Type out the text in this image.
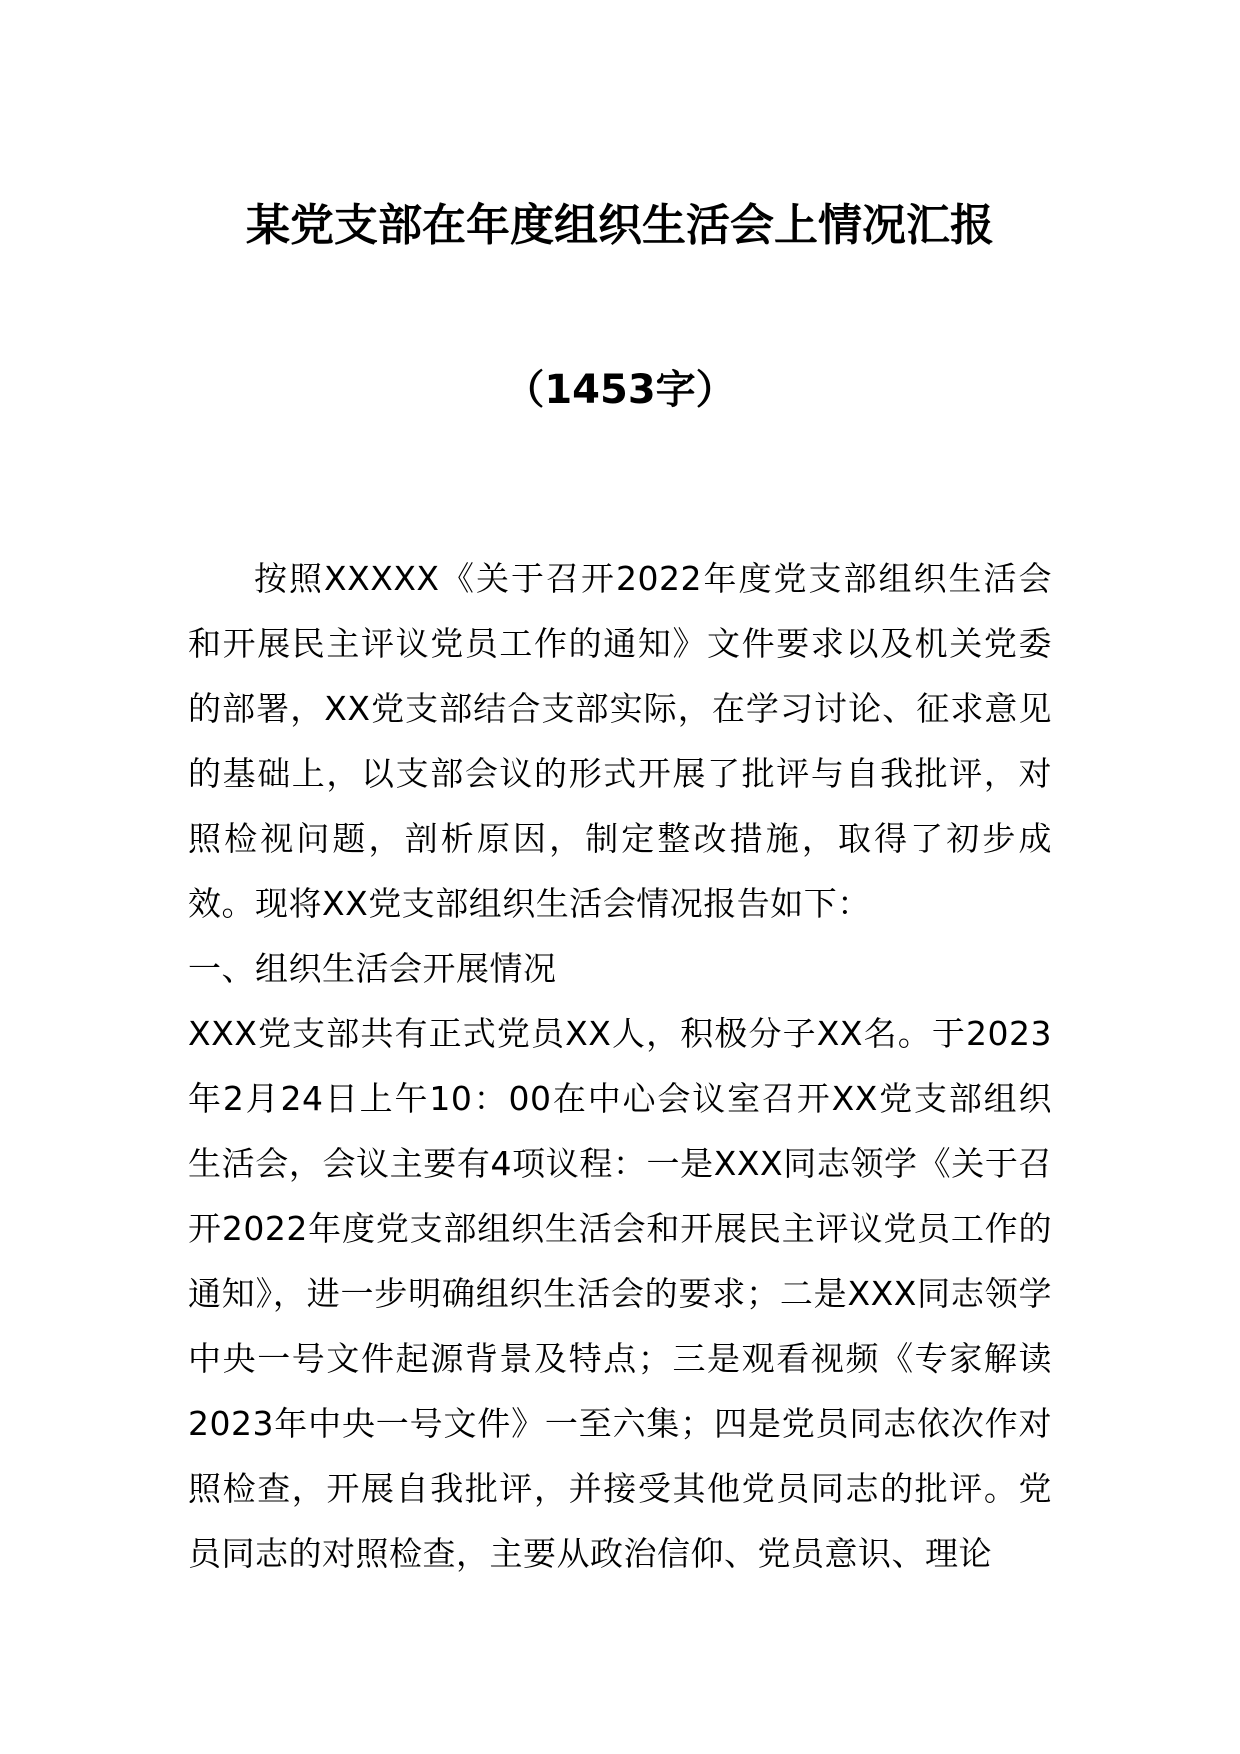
某党支部在年度组织生活会上情况汇报
（1453字）

按照XXXXX《关于召开2022年度党支部组织生活会和开展民主评议党员工作的通知》文件要求以及机关党委的部署，XX党支部结合支部实际，在学习讨论、征求意见的基础上，以支部会议的形式开展了批评与自我批评，对照检视问题，剖析原因，制定整改措施，取得了初步成效。现将XX党支部组织生活会情况报告如下：

一、组织生活会开展情况

XXX党支部共有正式党员XX人，积极分子XX名。于2023年2月24日上午10：00在中心会议室召开XX党支部组织生活会，会议主要有4项议程：一是XXX同志领学《关于召开2022年度党支部组织生活会和开展民主评议党员工作的通知》，进一步明确组织生活会的要求；二是XXX同志领学中央一号文件起源背景及特点；三是观看视频《专家解读2023年中央一号文件》一至六集；四是党员同志依次作对照检查，开展自我批评，并接受其他党员同志的批评。党员同志的对照检查，主要从政治信仰、党员意识、理论
